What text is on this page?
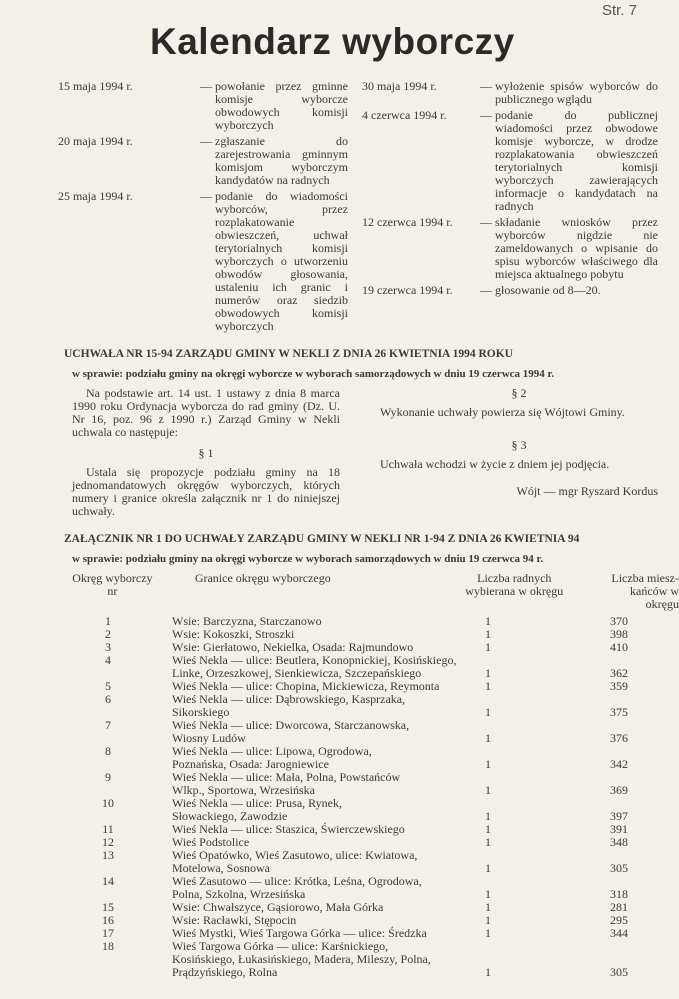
Str. 7
Kalendarz wyborczy
15 maja 1994 r.	— powołanie przez gminne komisje wyborcze obwodowych komisji wyborczych
20 maja 1994 r.	— zgłaszanie do zarejestrowania gminnym komisjom wyborczym kandydatów na radnych
25 maja 1994 r.	— podanie do wiadomości wyborców, przez rozplakatowanie obwieszczeń, uchwał terytorialnych komisji wyborczych o utworzeniu obwodów głosowania, ustaleniu ich granic i numerów oraz siedzib obwodowych komisji wyborczych
30 maja 1994 r.	— wyłożenie spisów wyborców do publicznego wglądu
4 czerwca 1994 r.	— podanie do publicznej wiadomości przez obwodowe komisje wyborcze, w drodze rozplakatowania obwieszczeń terytorialnych komisji wyborczych zawierających informacje o kandydatach na radnych
12 czerwca 1994 r.	— składanie wniosków przez wyborców nigdzie nie zameldowanych o wpisanie do spisu wyborców właściwego dla miejsca aktualnego pobytu
19 czerwca 1994 r.	— głosowanie od 8—20.
UCHWAŁA NR 15-94 ZARZĄDU GMINY W NEKLI Z DNIA 26 KWIETNIA 1994 ROKU
w sprawie: podziału gminy na okręgi wyborcze w wyborach samorządowych w dniu 19 czerwca 1994 r.

Na podstawie art. 14 ust. 1 ustawy z dnia 8 marca 1990 roku Ordynacja wyborcza do rad gminy (Dz. U. Nr 16, poz. 96 z 1990 r.) Zarząd Gminy w Nekli uchwala co następuje:

§ 1

Ustala się propozycje podziału gminy na 18 jednomandatowych okręgów wyborczych, których numery i granice określa załącznik nr 1 do niniejszej uchwały.

§ 2
Wykonanie uchwały powierza się Wójtowi Gminy.
§ 3
Uchwała wchodzi w życie z dniem jej podjęcia.
Wójt — mgr Ryszard Kordus
ZAŁĄCZNIK NR 1 DO UCHWAŁY ZARZĄDU GMINY W NEKLI NR 1-94 Z DNIA 26 KWIETNIA 94
w sprawie: podziału gminy na okręgi wyborcze w wyborach samorządowych w dniu 19 czerwca 94 r.
Okręg wyborczy
nr
Granice okręgu wyborczego	Liczba radnych
wybierana w okręgu
Liczba miesz-
kańców w
okręgu
1	Wsie: Barczyzna, Starczanowo	1	370
2	Wsie: Kokoszki, Stroszki	1	398
3	Wsie: Gierłatowo, Nekielka, Osada: Rajmundowo	1	410
4	Wieś Nekla — ulice: Beutlera, Konopnickiej, Kosińskiego,
Linke, Orzeszkowej, Sienkiewicza, Szczepańskiego	1	362
5	Wieś Nekla — ulice: Chopina, Mickiewicza, Reymonta	1	359
6	Wieś Nekla — ulice: Dąbrowskiego, Kasprzaka,
Sikorskiego	1	375
7	Wieś Nekla — ulice: Dworcowa, Starczanowska,
Wiosny Ludów	1	376
8	Wieś Nekla — ulice: Lipowa, Ogrodowa,
Poznańska, Osada: Jarogniewice	1	342
9	Wieś Nekla — ulice: Mała, Polna, Powstańców
Wlkp., Sportowa, Wrzesińska	1	369
10	Wieś Nekla — ulice: Prusa, Rynek,
Słowackiego, Zawodzie	1	397
11	Wieś Nekla — ulice: Staszica, Świerczewskiego	1	391
12	Wieś Podstolice	1	348
13	Wieś Opatówko, Wieś Zasutowo, ulice: Kwiatowa,
Motelowa, Sosnowa	1	305
14	Wieś Zasutowo — ulice: Krótka, Leśna, Ogrodowa,
Polna, Szkolna, Wrzesińska	1	318
15	Wsie: Chwałszyce, Gąsiorowo, Mała Górka	1	281
16	Wsie: Racławki, Stępocin	1	295
17	Wieś Mystki, Wieś Targowa Górka — ulice: Średzka	1	344
18	Wieś Targowa Górka — ulice: Karśnickiego,
Kosińskiego, Łukasińskiego, Madera, Mileszy, Polna,
Prądzyńskiego, Rolna	1	305
